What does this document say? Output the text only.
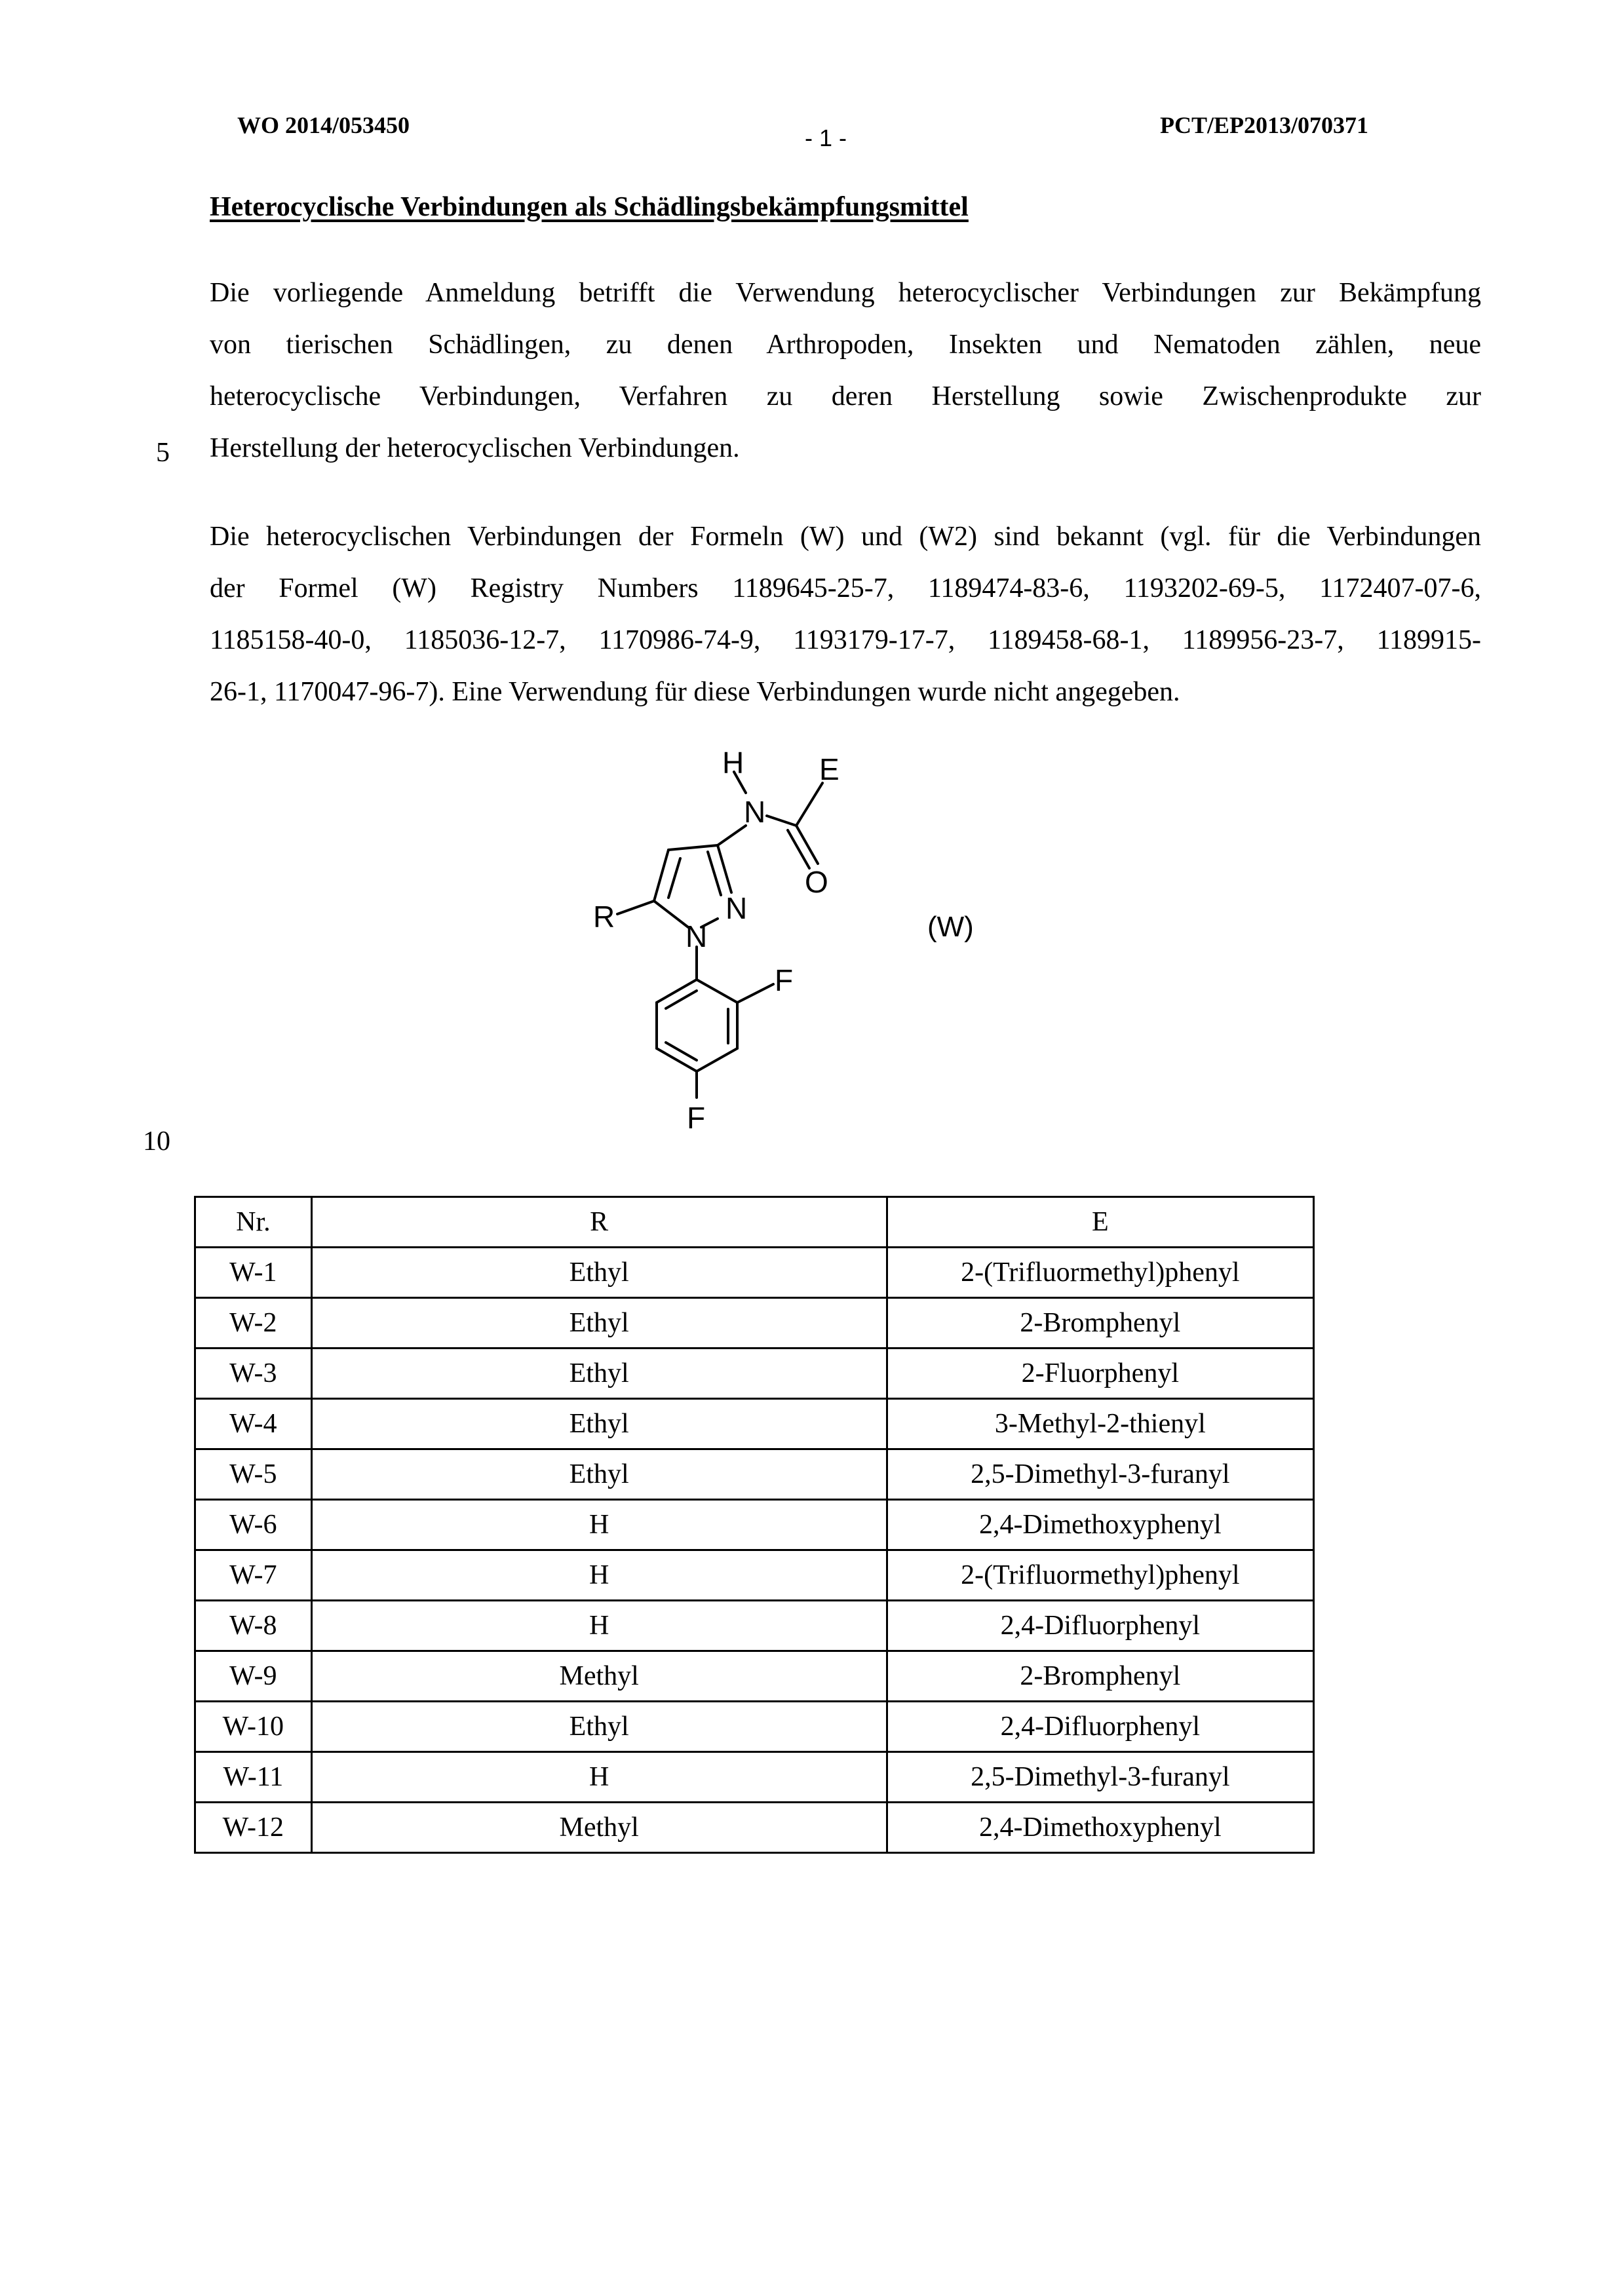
WO 2014/053450	- 1 -	PCT/EP2013/070371
Heterocyclische Verbindungen als Schädlingsbekämpfungsmittel

Die vorliegende Anmeldung betrifft die Verwendung heterocyclischer Verbindungen zur Bekämpfung

von tierischen Schädlingen, zu denen Arthropoden, Insekten und Nematoden zählen, neue

heterocyclische Verbindungen, Verfahren zu deren Herstellung sowie Zwischenprodukte zur

Herstellung der heterocyclischen Verbindungen.

5

Die heterocyclischen Verbindungen der Formeln (W) und (W2) sind bekannt (vgl. für die Verbindungen

der Formel (W) Registry Numbers 1189645-25-7, 1189474-83-6, 1193202-69-5, 1172407-07-6,

1185158-40-0, 1185036-12-7, 1170986-74-9, 1193179-17-7, 1189458-68-1, 1189956-23-7, 1189915-

26-1, 1170047-96-7). Eine Verwendung für diese Verbindungen wurde nicht angegeben.

H
N
E
O
R
N
N
F
F
(W)
10
Nr.	R	E
W-1	Ethyl	2-(Trifluormethyl)phenyl
W-2	Ethyl	2-Bromphenyl
W-3	Ethyl	2-Fluorphenyl
W-4	Ethyl	3-Methyl-2-thienyl
W-5	Ethyl	2,5-Dimethyl-3-furanyl
W-6	H	2,4-Dimethoxyphenyl
W-7	H	2-(Trifluormethyl)phenyl
W-8	H	2,4-Difluorphenyl
W-9	Methyl	2-Bromphenyl
W-10	Ethyl	2,4-Difluorphenyl
W-11	H	2,5-Dimethyl-3-furanyl
W-12	Methyl	2,4-Dimethoxyphenyl
